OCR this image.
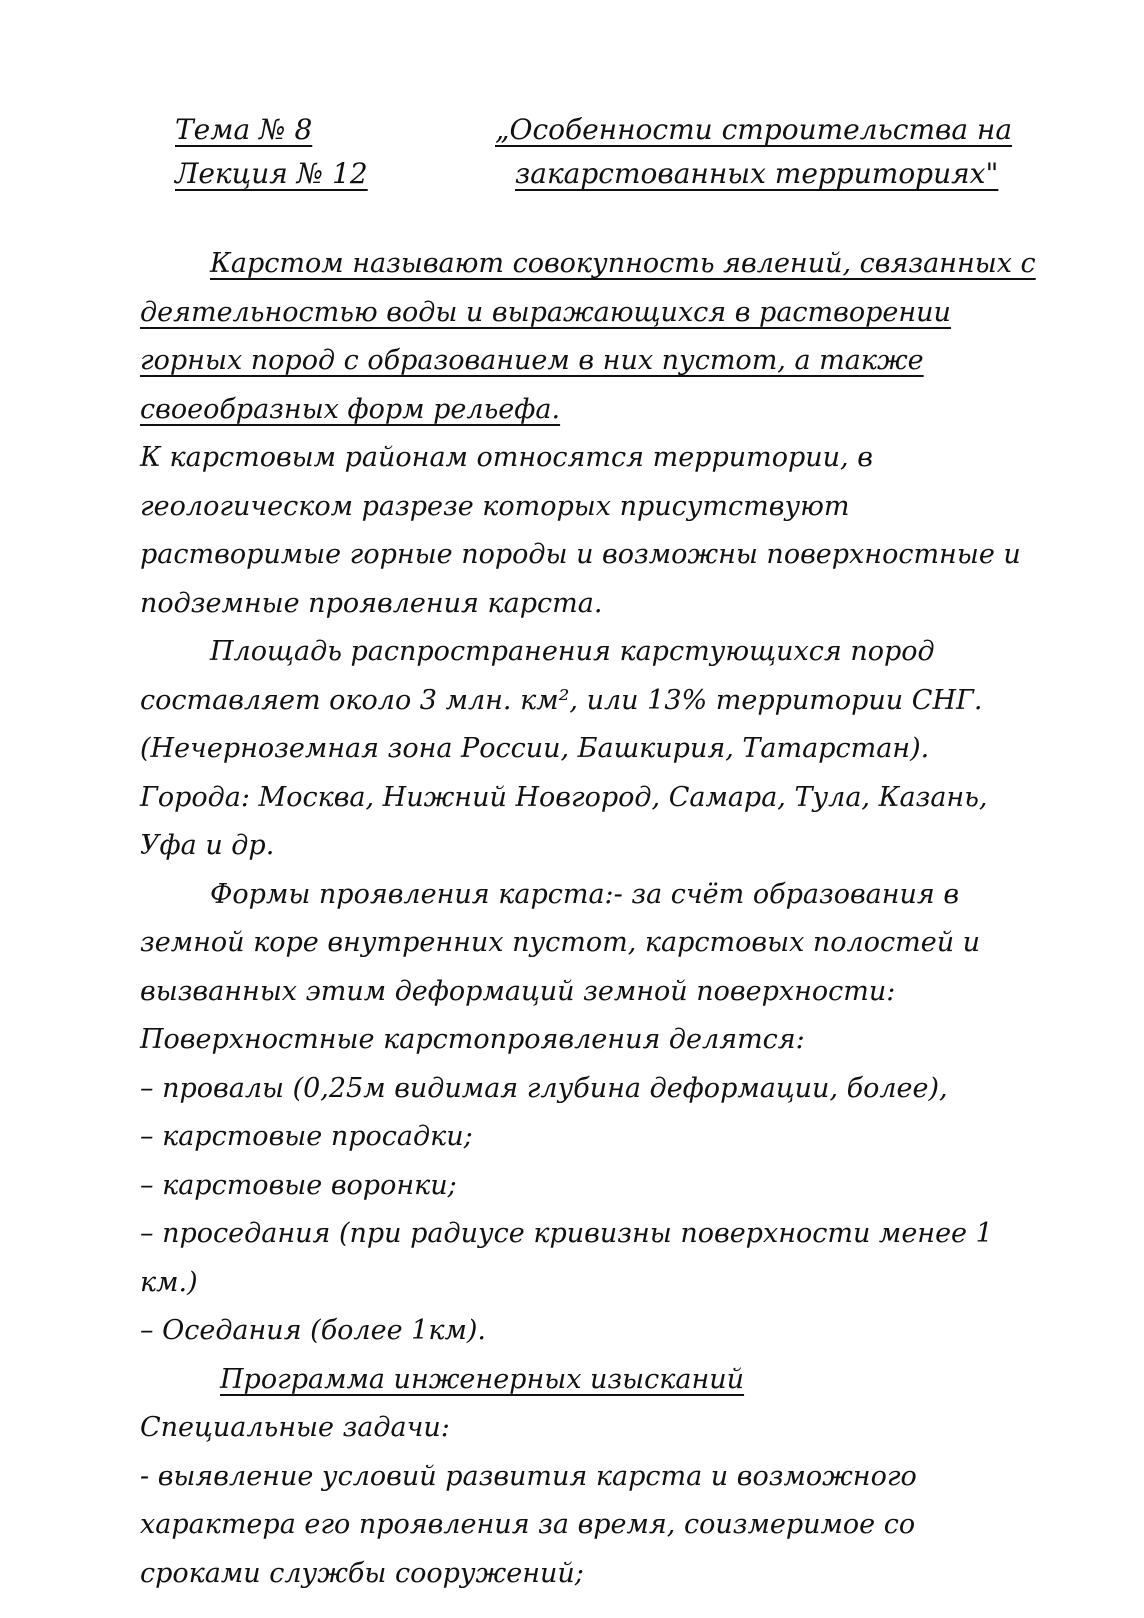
Тема № 8
Лекция № 12
„Особенности строительства на
закарстованных территориях"

Карстом называют совокупность явлений, связанных с деятельностью воды и выражающихся в растворении горных пород с образованием в них пустот, а также своеобразных форм рельефа.

К карстовым районам относятся территории, в геологическом разрезе которых присутствуют растворимые горные породы и возможны поверхностные и подземные проявления карста.

Площадь распространения карстующихся пород составляет около 3 млн. км², или 13% территории СНГ. (Нечерноземная зона России, Башкирия, Татарстан). Города: Москва, Нижний Новгород, Самара, Тула, Казань, Уфа и др.

Формы проявления карста:- за счёт образования в земной коре внутренних пустот, карстовых полостей и вызванных этим деформаций земной поверхности:

Поверхностные карстопроявления делятся:

– провалы (0,25м видимая глубина деформации, более),
– карстовые просадки;
– карстовые воронки;
– проседания (при радиусе кривизны поверхности менее 1 км.)
– Оседания (более 1км).
Программа инженерных изысканий
Специальные задачи:
- выявление условий развития карста и возможного характера его проявления за время, соизмеримое со сроками службы сооружений;
